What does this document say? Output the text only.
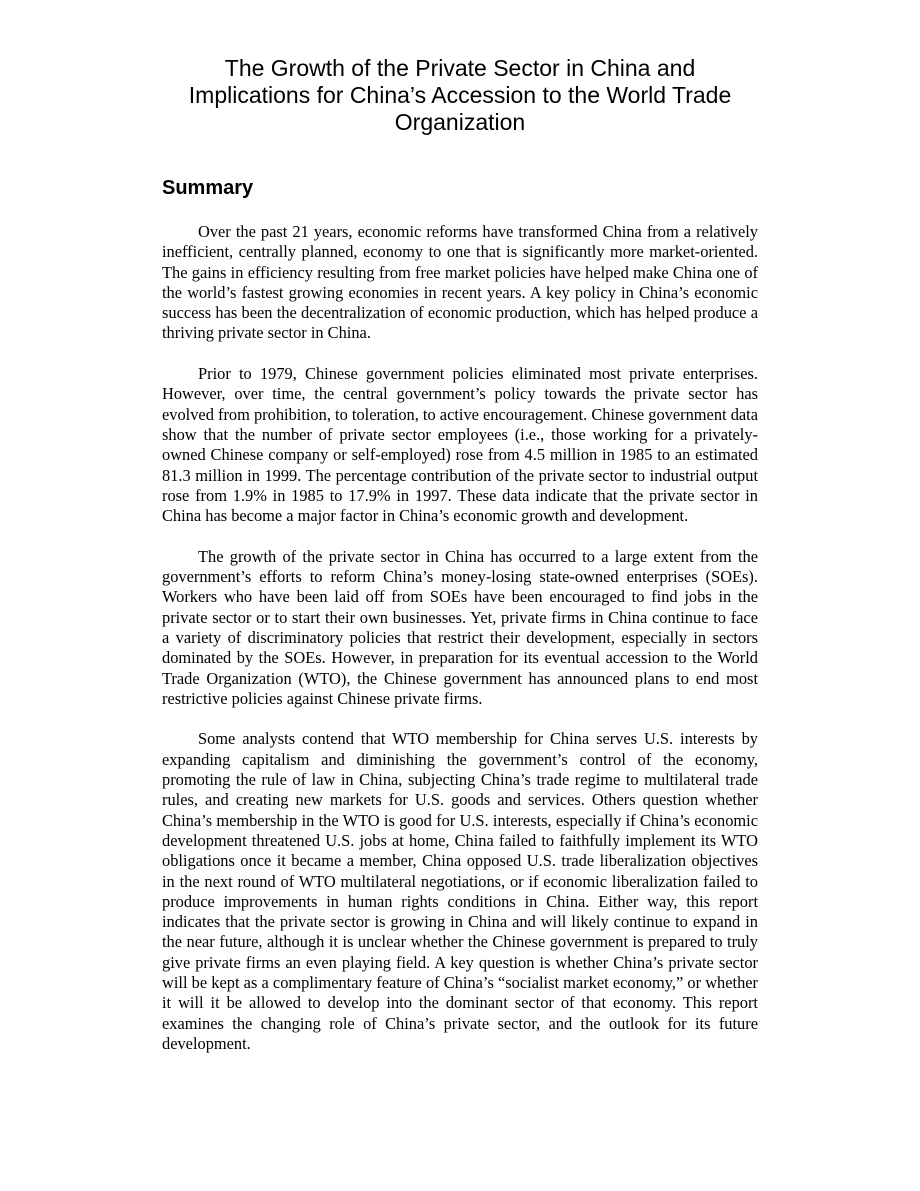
The Growth of the Private Sector in China and
Implications for China’s Accession to the World Trade
Organization
Summary

Over the past 21 years, economic reforms have transformed China from a relatively inefficient, centrally planned, economy to one that is significantly more market-oriented. The gains in efficiency resulting from free market policies have helped make China one of the world’s fastest growing economies in recent years. A key policy in China’s economic success has been the decentralization of economic production, which has helped produce a thriving private sector in China.

Prior to 1979, Chinese government policies eliminated most private enterprises. However, over time, the central government’s policy towards the private sector has evolved from prohibition, to toleration, to active encouragement. Chinese government data show that the number of private sector employees (i.e., those working for a privately-owned Chinese company or self-employed) rose from 4.5 million in 1985 to an estimated 81.3 million in 1999. The percentage contribution of the private sector to industrial output rose from 1.9% in 1985 to 17.9% in 1997. These data indicate that the private sector in China has become a major factor in China’s economic growth and development.

The growth of the private sector in China has occurred to a large extent from the government’s efforts to reform China’s money-losing state-owned enterprises (SOEs). Workers who have been laid off from SOEs have been encouraged to find jobs in the private sector or to start their own businesses. Yet, private firms in China continue to face a variety of discriminatory policies that restrict their development, especially in sectors dominated by the SOEs. However, in preparation for its eventual accession to the World Trade Organization (WTO), the Chinese government has announced plans to end most restrictive policies against Chinese private firms.

Some analysts contend that WTO membership for China serves U.S. interests by expanding capitalism and diminishing the government’s control of the economy, promoting the rule of law in China, subjecting China’s trade regime to multilateral trade rules, and creating new markets for U.S. goods and services. Others question whether China’s membership in the WTO is good for U.S. interests, especially if China’s economic development threatened U.S. jobs at home, China failed to faithfully implement its WTO obligations once it became a member, China opposed U.S. trade liberalization objectives in the next round of WTO multilateral negotiations, or if economic liberalization failed to produce improvements in human rights conditions in China. Either way, this report indicates that the private sector is growing in China and will likely continue to expand in the near future, although it is unclear whether the Chinese government is prepared to truly give private firms an even playing field. A key question is whether China’s private sector will be kept as a complimentary feature of China’s “socialist market economy,” or whether it will it be allowed to develop into the dominant sector of that economy. This report examines the changing role of China’s private sector, and the outlook for its future development.
